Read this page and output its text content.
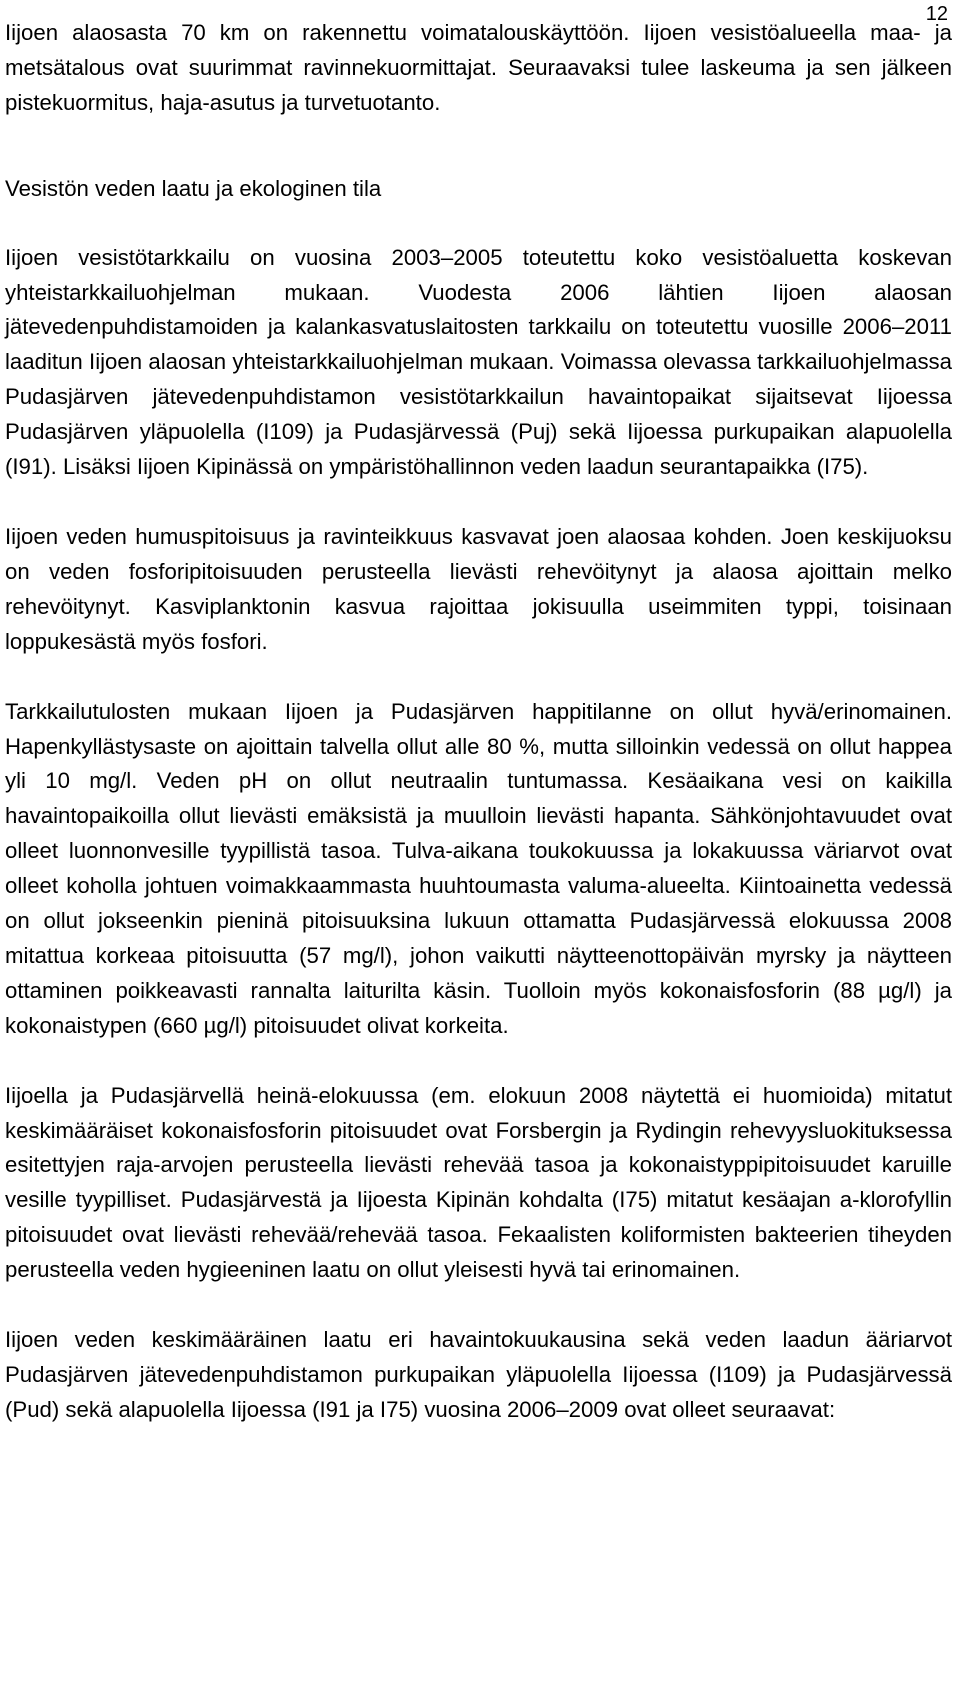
12

Iijoen alaosasta 70 km on rakennettu voimatalouskäyttöön. Iijoen vesistöalueella maa- ja metsätalous ovat suurimmat ravinnekuormittajat. Seuraavaksi tulee laskeuma ja sen jälkeen pistekuormitus, haja-asutus ja turvetuotanto.

Vesistön veden laatu ja ekologinen tila

Iijoen vesistötarkkailu on vuosina 2003–2005 toteutettu koko vesistöaluetta koskevan yhteistarkkailuohjelman mukaan. Vuodesta 2006 lähtien Iijoen alaosan jätevedenpuhdistamoiden ja kalankasvatuslaitosten tarkkailu on toteutettu vuosille 2006–2011 laaditun Iijoen alaosan yhteistarkkailuohjelman mukaan. Voimassa olevassa tarkkailuohjelmassa Pudasjärven jätevedenpuhdistamon vesistötarkkailun havaintopaikat sijaitsevat Iijoessa Pudasjärven yläpuolella (I109) ja Pudasjärvessä (Puj) sekä Iijoessa purkupaikan alapuolella (I91). Lisäksi Iijoen Kipinässä on ympäristöhallinnon veden laadun seurantapaikka (I75).

Iijoen veden humuspitoisuus ja ravinteikkuus kasvavat joen alaosaa kohden. Joen keskijuoksu on veden fosforipitoisuuden perusteella lievästi rehevöitynyt ja alaosa ajoittain melko rehevöitynyt. Kasviplanktonin kasvua rajoittaa jokisuulla useimmiten typpi, toisinaan loppukesästä myös fosfori.

Tarkkailutulosten mukaan Iijoen ja Pudasjärven happitilanne on ollut hyvä/erinomainen. Hapenkyllästysaste on ajoittain talvella ollut alle 80 %, mutta silloinkin vedessä on ollut happea yli 10 mg/l. Veden pH on ollut neutraalin tuntumassa. Kesäaikana vesi on kaikilla havaintopaikoilla ollut lievästi emäksistä ja muulloin lievästi hapanta. Sähkönjohtavuudet ovat olleet luonnonvesille tyypillistä tasoa. Tulva-aikana toukokuussa ja lokakuussa väriarvot ovat olleet koholla johtuen voimakkaammasta huuhtoumasta valuma-alueelta. Kiintoainetta vedessä on ollut jokseenkin pieninä pitoisuuksina lukuun ottamatta Pudasjärvessä elokuussa 2008 mitattua korkeaa pitoisuutta (57 mg/l), johon vaikutti näytteenottopäivän myrsky ja näytteen ottaminen poikkeavasti rannalta laiturilta käsin. Tuolloin myös kokonaisfosforin (88 µg/l) ja kokonaistypen (660 µg/l) pitoisuudet olivat korkeita.

Iijoella ja Pudasjärvellä heinä-elokuussa (em. elokuun 2008 näytettä ei huomioida) mitatut keskimääräiset kokonaisfosforin pitoisuudet ovat Forsbergin ja Rydingin rehevyysluokituksessa esitettyjen raja-arvojen perusteella lievästi rehevää tasoa ja kokonaistyppipitoisuudet karuille vesille tyypilliset. Pudasjärvestä ja Iijoesta Kipinän kohdalta (I75) mitatut kesäajan a-klorofyllin pitoisuudet ovat lievästi rehevää/rehevää tasoa. Fekaalisten koliformisten bakteerien tiheyden perusteella veden hygieeninen laatu on ollut yleisesti hyvä tai erinomainen.

Iijoen veden keskimääräinen laatu eri havaintokuukausina sekä veden laadun ääriarvot Pudasjärven jätevedenpuhdistamon purkupaikan yläpuolella Iijoessa (I109) ja Pudasjärvessä (Pud) sekä alapuolella Iijoessa (I91 ja I75) vuosina 2006–2009 ovat olleet seuraavat:
